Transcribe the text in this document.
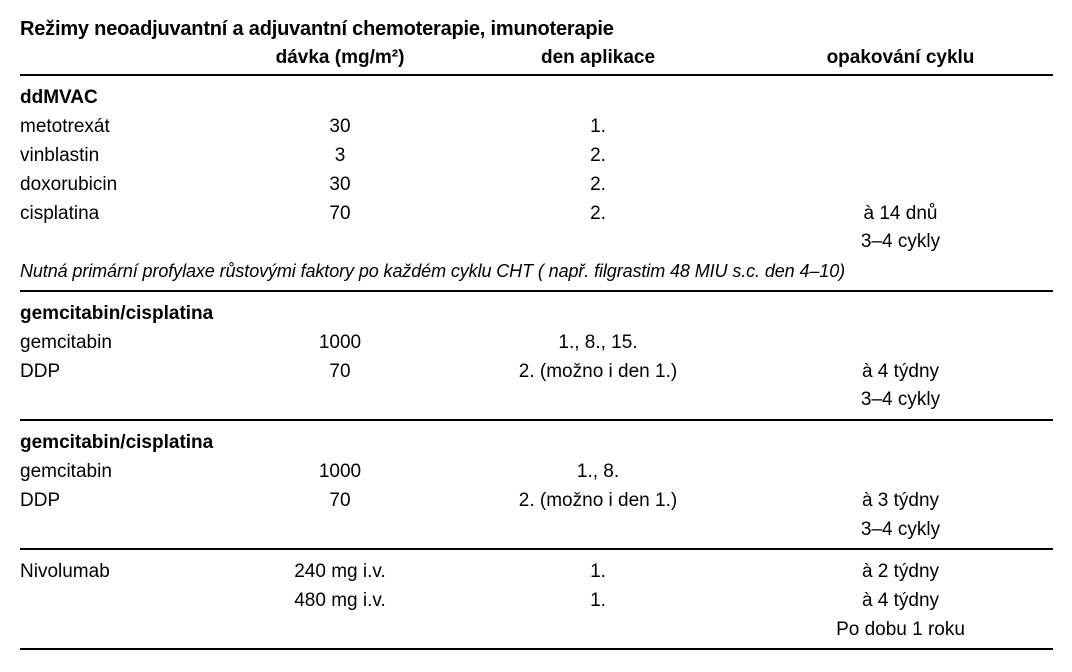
Režimy neoadjuvantní a adjuvantní chemoterapie, imunoterapie
	dávka (mg/m²)	den aplikace	opakování cyklu
ddMVAC			
metotrexát	30	1.	
vinblastin	3	2.	
doxorubicin	30	2.	
cisplatina	70	2.	à 14 dnů
			3–4 cykly
Nutná primární profylaxe růstovými faktory po každém cyklu CHT ( např. filgrastim 48 MIU s.c. den 4–10)			
gemcitabin/cisplatina			
gemcitabin	1000	1., 8., 15.	
DDP	70	2. (možno i den 1.)	à 4 týdny
			3–4 cykly
gemcitabin/cisplatina			
gemcitabin	1000	1., 8.	
DDP	70	2. (možno i den 1.)	à 3 týdny
			3–4 cykly
Nivolumab	240 mg i.v.	1.	à 2 týdny
	480 mg i.v.	1.	à 4 týdny
			Po dobu 1 roku
